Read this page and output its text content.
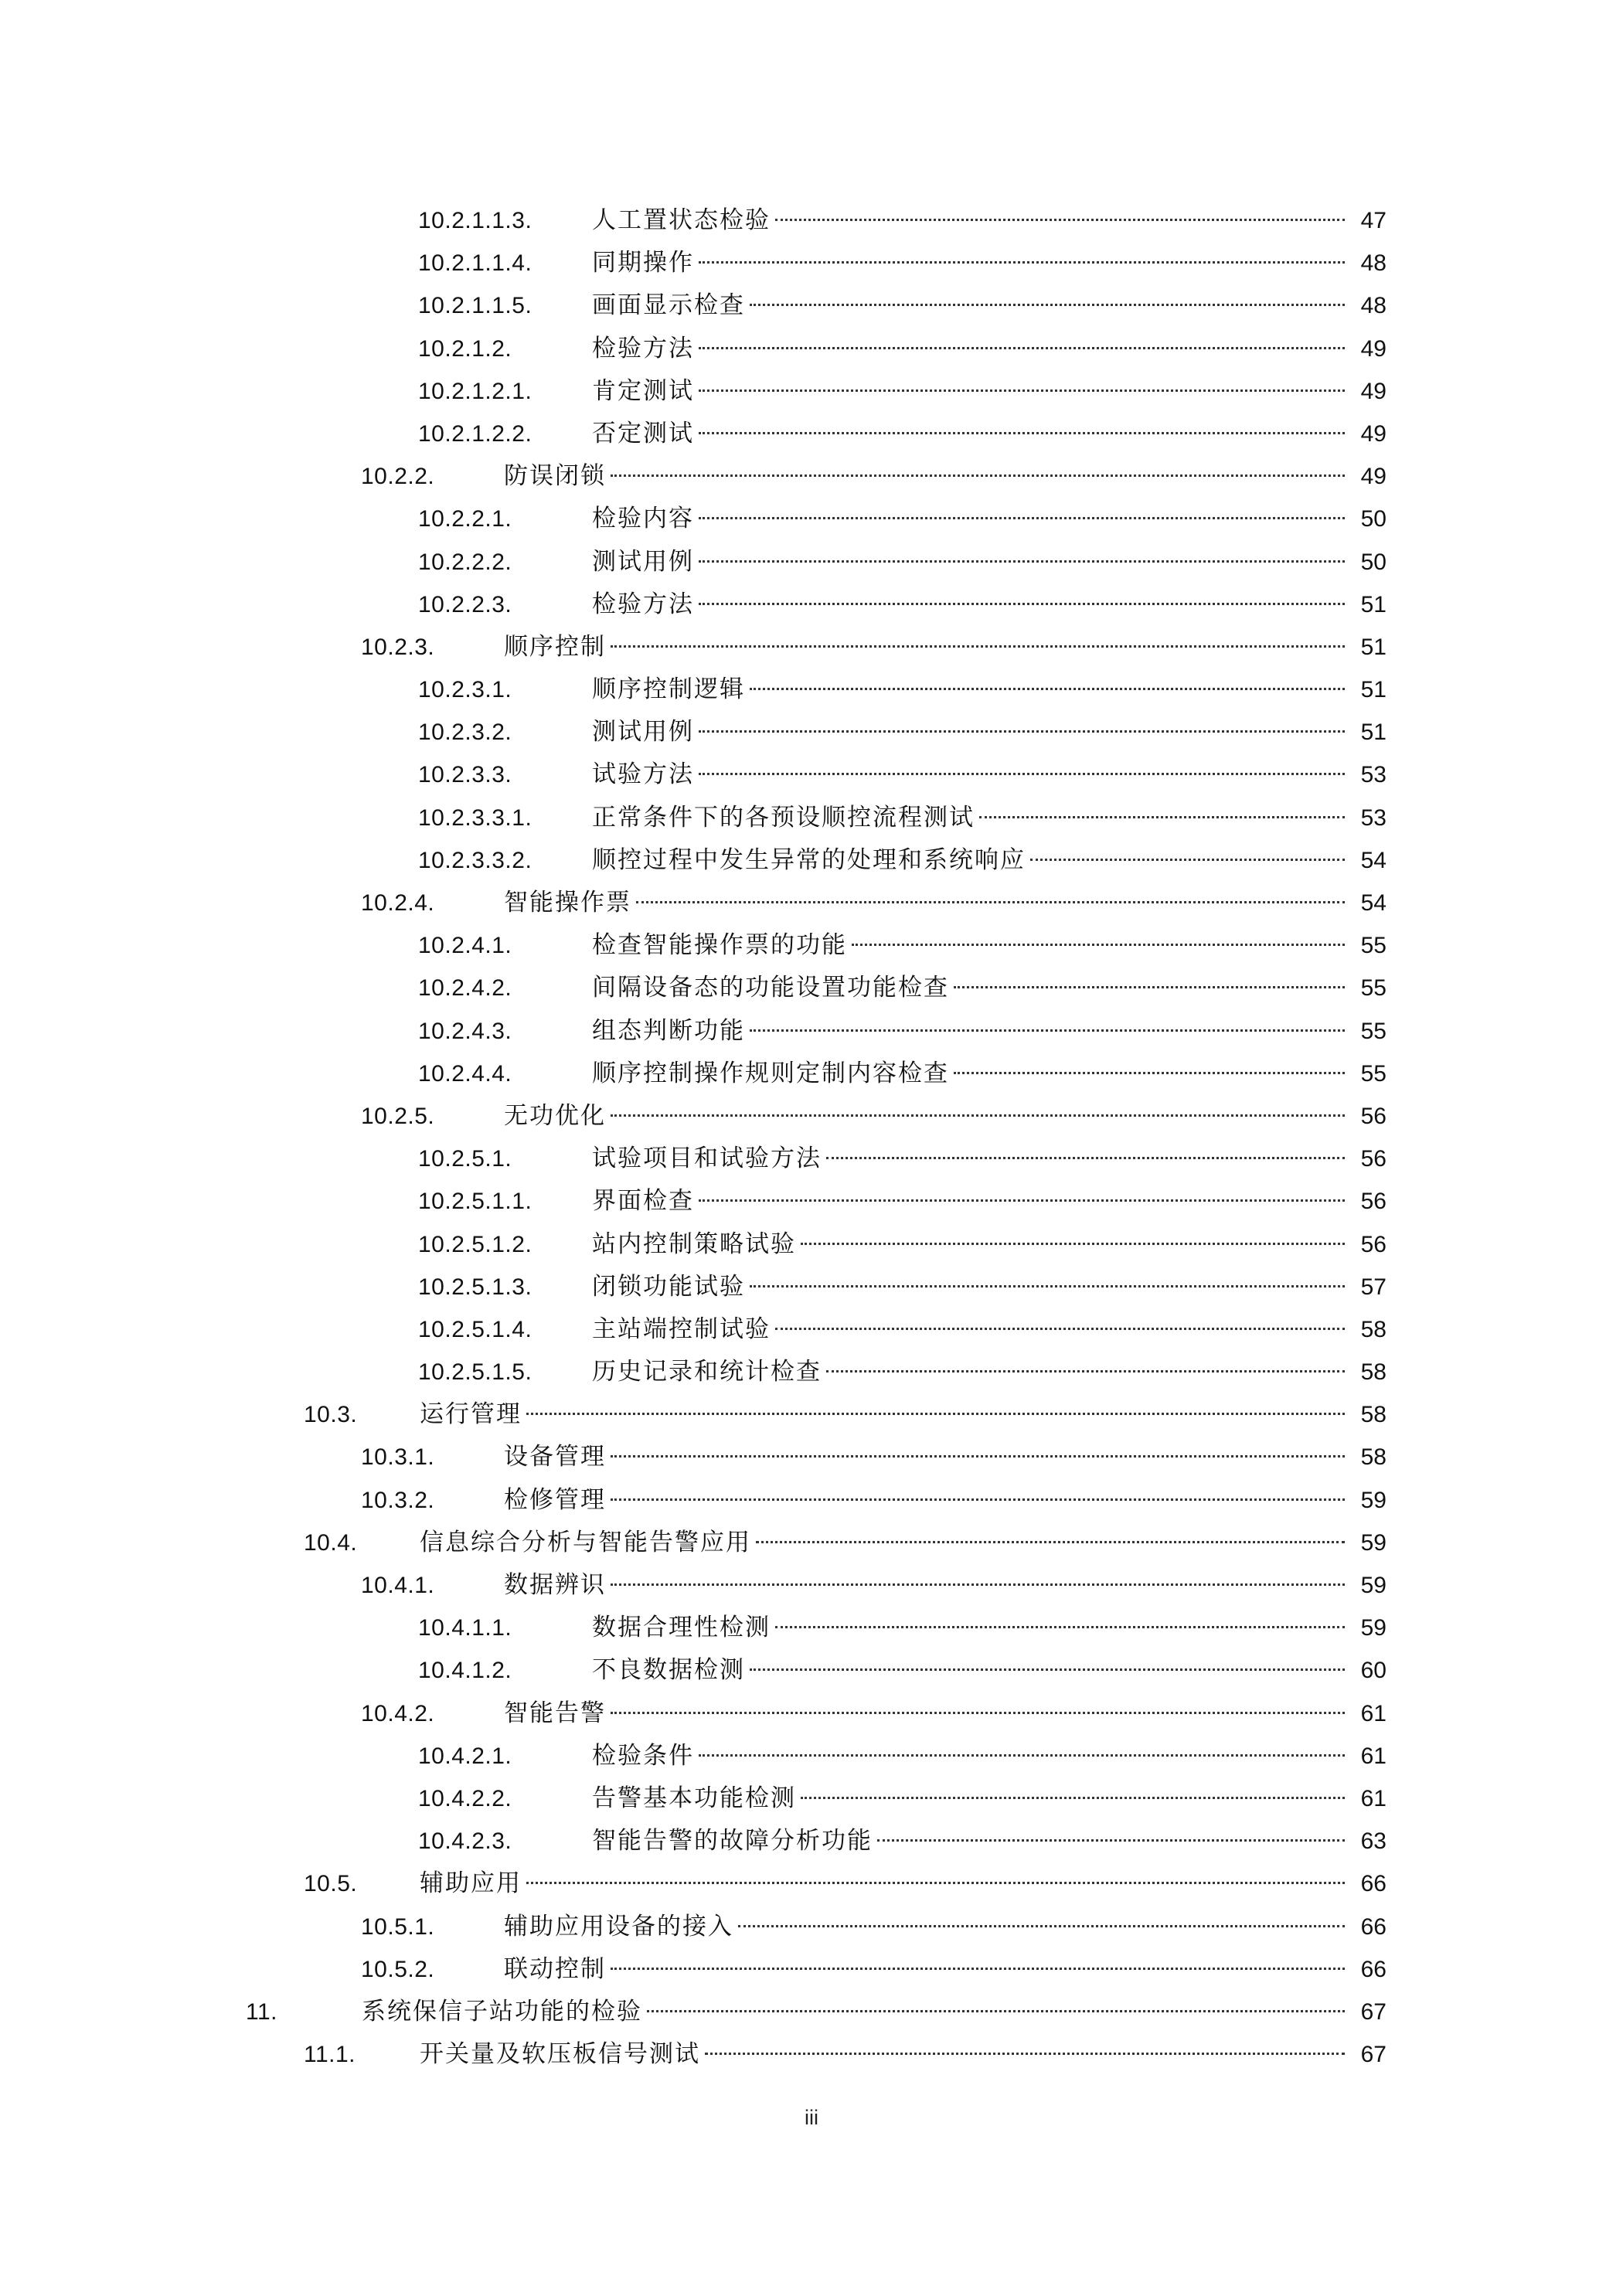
10.2.1.1.3.	人工置状态检验	47
10.2.1.1.4.	同期操作	48
10.2.1.1.5.	画面显示检查	48
10.2.1.2.	检验方法	49
10.2.1.2.1.	肯定测试	49
10.2.1.2.2.	否定测试	49
10.2.2.	防误闭锁	49
10.2.2.1.	检验内容	50
10.2.2.2.	测试用例	50
10.2.2.3.	检验方法	51
10.2.3.	顺序控制	51
10.2.3.1.	顺序控制逻辑	51
10.2.3.2.	测试用例	51
10.2.3.3.	试验方法	53
10.2.3.3.1.	正常条件下的各预设顺控流程测试	53
10.2.3.3.2.	顺控过程中发生异常的处理和系统响应	54
10.2.4.	智能操作票	54
10.2.4.1.	检查智能操作票的功能	55
10.2.4.2.	间隔设备态的功能设置功能检查	55
10.2.4.3.	组态判断功能	55
10.2.4.4.	顺序控制操作规则定制内容检查	55
10.2.5.	无功优化	56
10.2.5.1.	试验项目和试验方法	56
10.2.5.1.1.	界面检查	56
10.2.5.1.2.	站内控制策略试验	56
10.2.5.1.3.	闭锁功能试验	57
10.2.5.1.4.	主站端控制试验	58
10.2.5.1.5.	历史记录和统计检查	58
10.3.	运行管理	58
10.3.1.	设备管理	58
10.3.2.	检修管理	59
10.4.	信息综合分析与智能告警应用	59
10.4.1.	数据辨识	59
10.4.1.1.	数据合理性检测	59
10.4.1.2.	不良数据检测	60
10.4.2.	智能告警	61
10.4.2.1.	检验条件	61
10.4.2.2.	告警基本功能检测	61
10.4.2.3.	智能告警的故障分析功能	63
10.5.	辅助应用	66
10.5.1.	辅助应用设备的接入	66
10.5.2.	联动控制	66
11.	系统保信子站功能的检验	67
11.1.	开关量及软压板信号测试	67
iii
